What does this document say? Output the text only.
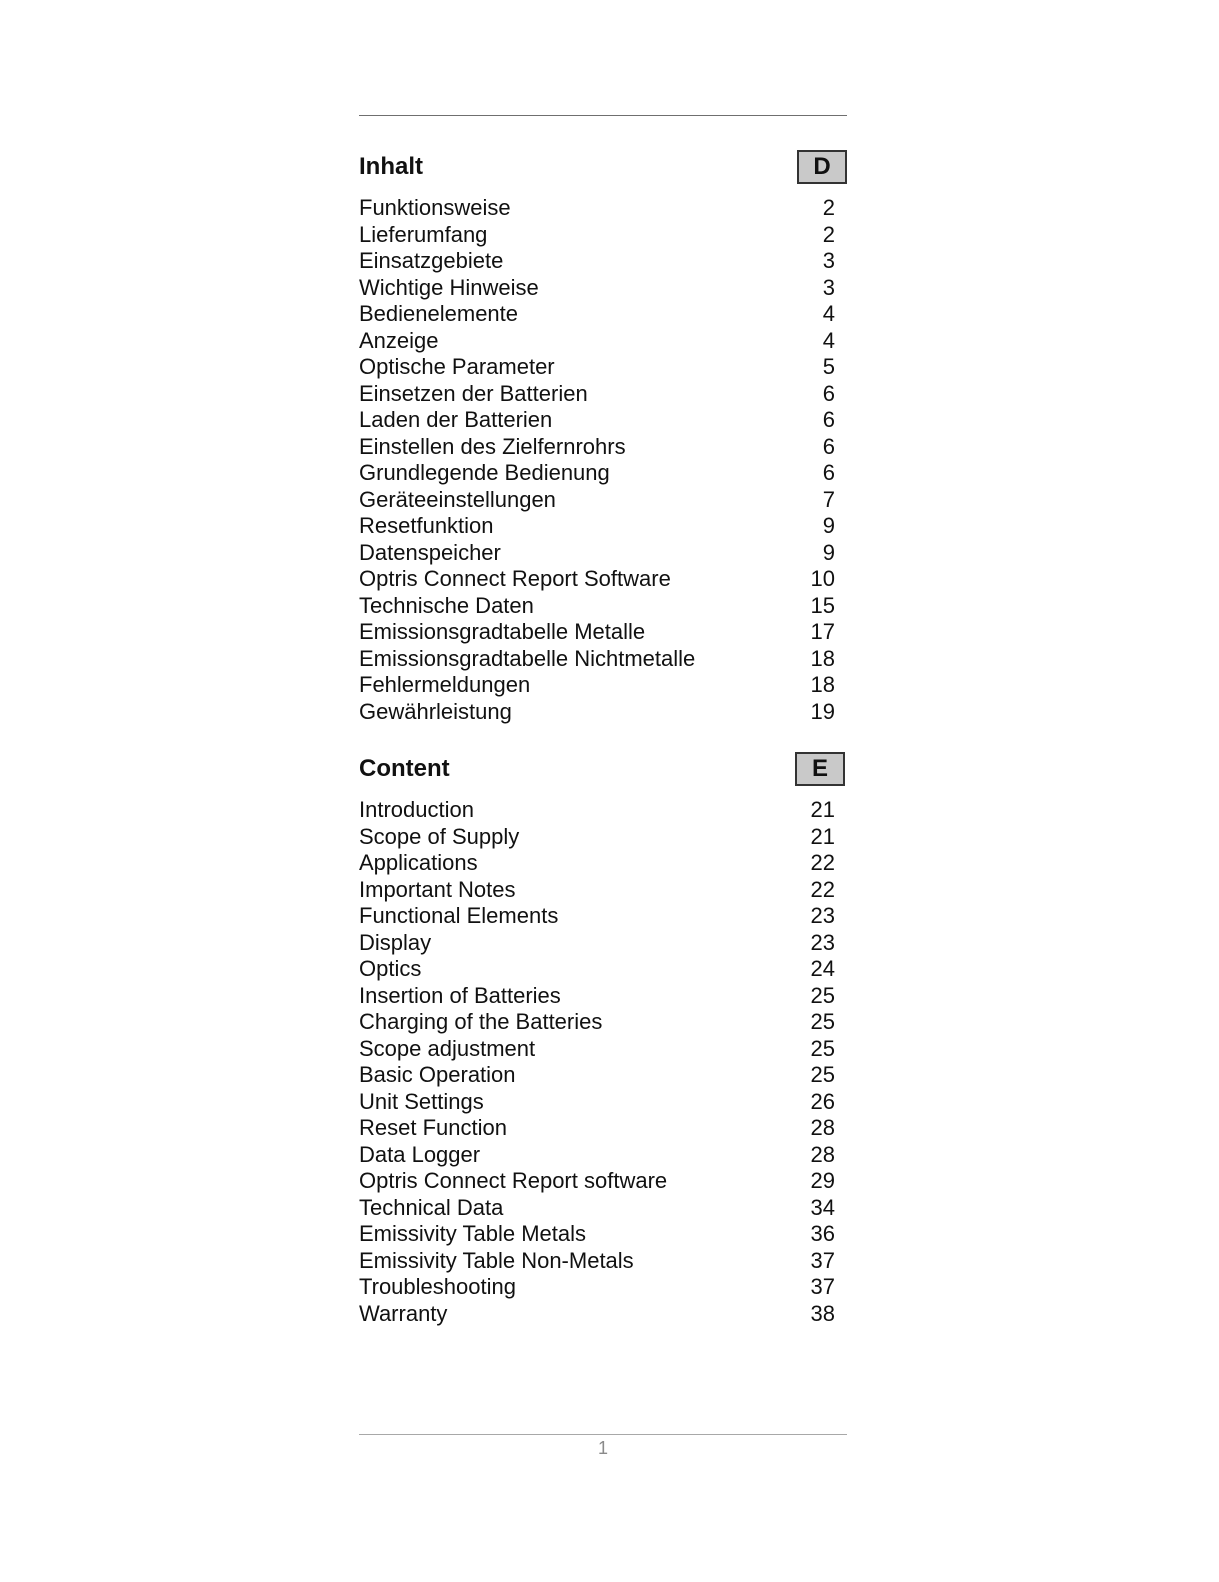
Inhalt	D
Funktionsweise	2
Lieferumfang	2
Einsatzgebiete	3
Wichtige Hinweise	3
Bedienelemente	4
Anzeige	4
Optische Parameter	5
Einsetzen der Batterien	6
Laden der Batterien	6
Einstellen des Zielfernrohrs	6
Grundlegende Bedienung	6
Geräteeinstellungen	7
Resetfunktion	9
Datenspeicher	9
Optris Connect Report Software	10
Technische Daten	15
Emissionsgradtabelle Metalle	17
Emissionsgradtabelle Nichtmetalle	18
Fehlermeldungen	18
Gewährleistung	19
Content	E
Introduction	21
Scope of Supply	21
Applications	22
Important Notes	22
Functional Elements	23
Display	23
Optics	24
Insertion of Batteries	25
Charging of the Batteries	25
Scope adjustment	25
Basic Operation	25
Unit Settings	26
Reset Function	28
Data Logger	28
Optris Connect Report software	29
Technical Data	34
Emissivity Table Metals	36
Emissivity Table Non-Metals	37
Troubleshooting	37
Warranty	38
1
